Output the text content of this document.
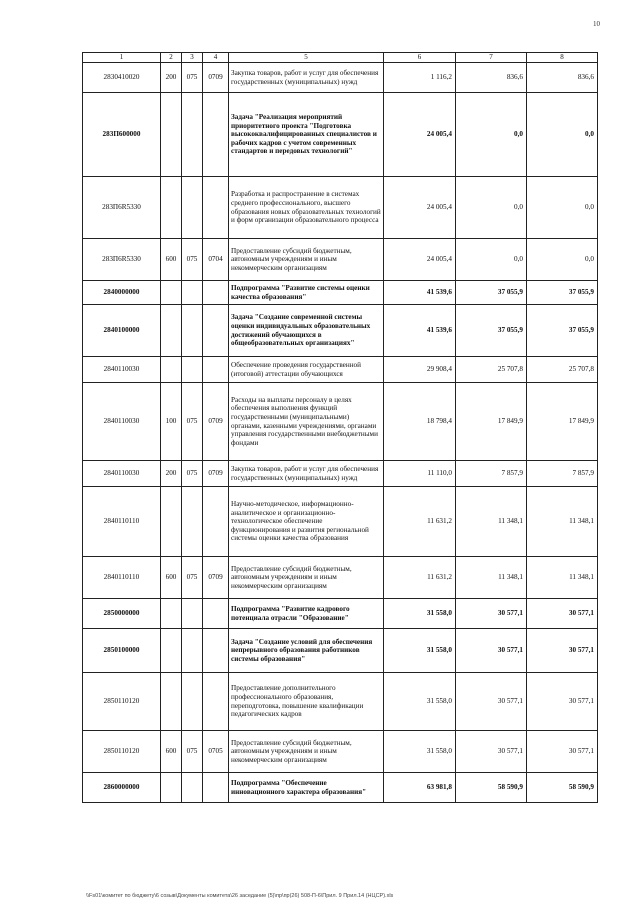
10
1	2	3	4	5	6	7	8
2830410020	200	075	0709	Закупка товаров, работ и услуг для обеспечения государственных (муниципальных) нужд	1 116,2	836,6	836,6
283П600000				Задача "Реализация мероприятий приоритетного проекта "Подготовка высококвалифицированных специалистов и рабочих кадров с учетом современных стандартов и передовых технологий"	24 005,4	0,0	0,0
283П6R5330				Разработка и распространение в системах среднего профессионального, высшего образования новых образовательных технологий и форм организации образовательного процесса	24 005,4	0,0	0,0
283П6R5330	600	075	0704	Предоставление субсидий бюджетным, автономным учреждениям и иным некоммерческим организациям	24 005,4	0,0	0,0
2840000000				Подпрограмма "Развитие системы оценки качества образования"	41 539,6	37 055,9	37 055,9
2840100000				Задача "Создание современной системы оценки индивидуальных образовательных достижений обучающихся в общеобразовательных организациях"	41 539,6	37 055,9	37 055,9
2840110030				Обеспечение проведения государственной (итоговой) аттестации обучающихся	29 908,4	25 707,8	25 707,8
2840110030	100	075	0709	Расходы на выплаты персоналу в целях обеспечения выполнения функций государственными (муниципальными) органами, казенными учреждениями, органами управления государственными внебюджетными фондами	18 798,4	17 849,9	17 849,9
2840110030	200	075	0709	Закупка товаров, работ и услуг для обеспечения государственных (муниципальных) нужд	11 110,0	7 857,9	7 857,9
2840110110				Научно-методическое, информационно-аналитическое и организационно-технологическое обеспечение функционирования и развития региональной системы оценки качества образования	11 631,2	11 348,1	11 348,1
2840110110	600	075	0709	Предоставление субсидий бюджетным, автономным учреждениям и иным некоммерческим организациям	11 631,2	11 348,1	11 348,1
2850000000				Подпрограмма "Развитие кадрового потенциала отрасли "Образование"	31 558,0	30 577,1	30 577,1
2850100000				Задача "Создание условий для обеспечения непрерывного образования работников системы образования"	31 558,0	30 577,1	30 577,1
2850110120				Предоставление дополнительного профессионального образования, переподготовка, повышение квалификации педагогических кадров	31 558,0	30 577,1	30 577,1
2850110120	600	075	0705	Предоставление субсидий бюджетным, автономным учреждениям и иным некоммерческим организациям	31 558,0	30 577,1	30 577,1
2860000000				Подпрограмма "Обеспечение инновационного характера образования"	63 981,8	58 590,9	58 590,9
\\Fs01\комитет по бюджету\6 созыв\Документы комитета\26 заседание (5)\пр\пр(26) 508-П-6\Прил. 9 Прил.14 (НЦСР).xls
